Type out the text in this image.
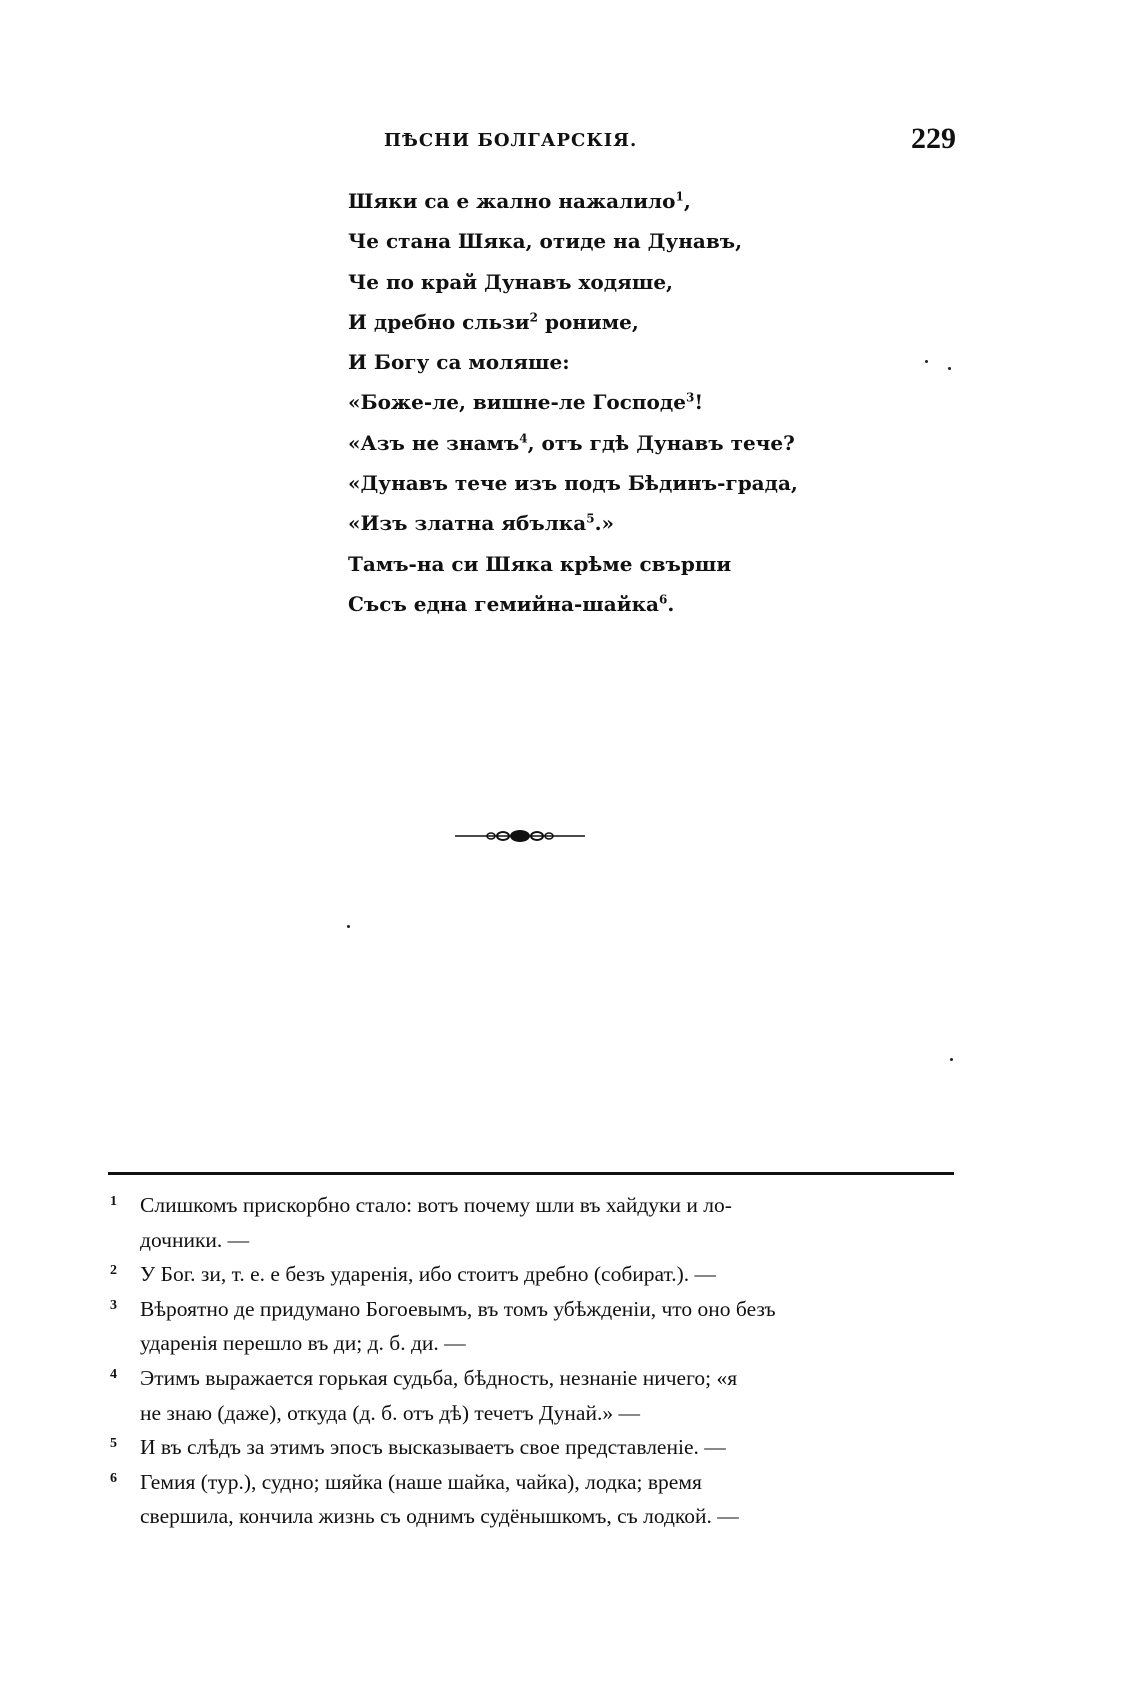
ПѢСНИ БОЛГАРСКІЯ.	229
Шяки са е жално нажалило$^1$,
Че стана Шяка, отиде на Дунавъ,
Че по край Дунавъ ходяше,
И дребно сльзи$^2$ рониме,
И Богу са моляше:
«Боже-ле, вишне-ле Господе$^3$!
«Азъ не знамъ$^4$, отъ гдѣ Дунавъ тече?
«Дунавъ тече изъ подъ Бѣдинъ-града,
«Изъ златна ябълка$^5$.»
Тамъ-на си Шяка крѣме свърши
Съсъ една гемийна-шайка$^6$.
1 Слишкомъ прискорбно стало: вотъ почему шли въ хайдуки и ло-
дочники. —
2 У Бог. зи, т. е. е безъ ударенія, ибо стоитъ дребно (собират.). —
3 Вѣроятно де придумано Богоевымъ, въ томъ убѣжденіи, что оно безъ
ударенія перешло въ ди; д. б. ди. —
4 Этимъ выражается горькая судьба, бѣдность, незнаніе ничего; «я
не знаю (даже), откуда (д. б. отъ дѣ) течетъ Дунай.» —
5 И въ слѣдъ за этимъ эпосъ высказываетъ свое представленіе. —
6 Гемия (тур.), судно; шяйка (наше шайка, чайка), лодка; время
свершила, кончила жизнь съ однимъ судёнышкомъ, съ лодкой. —
